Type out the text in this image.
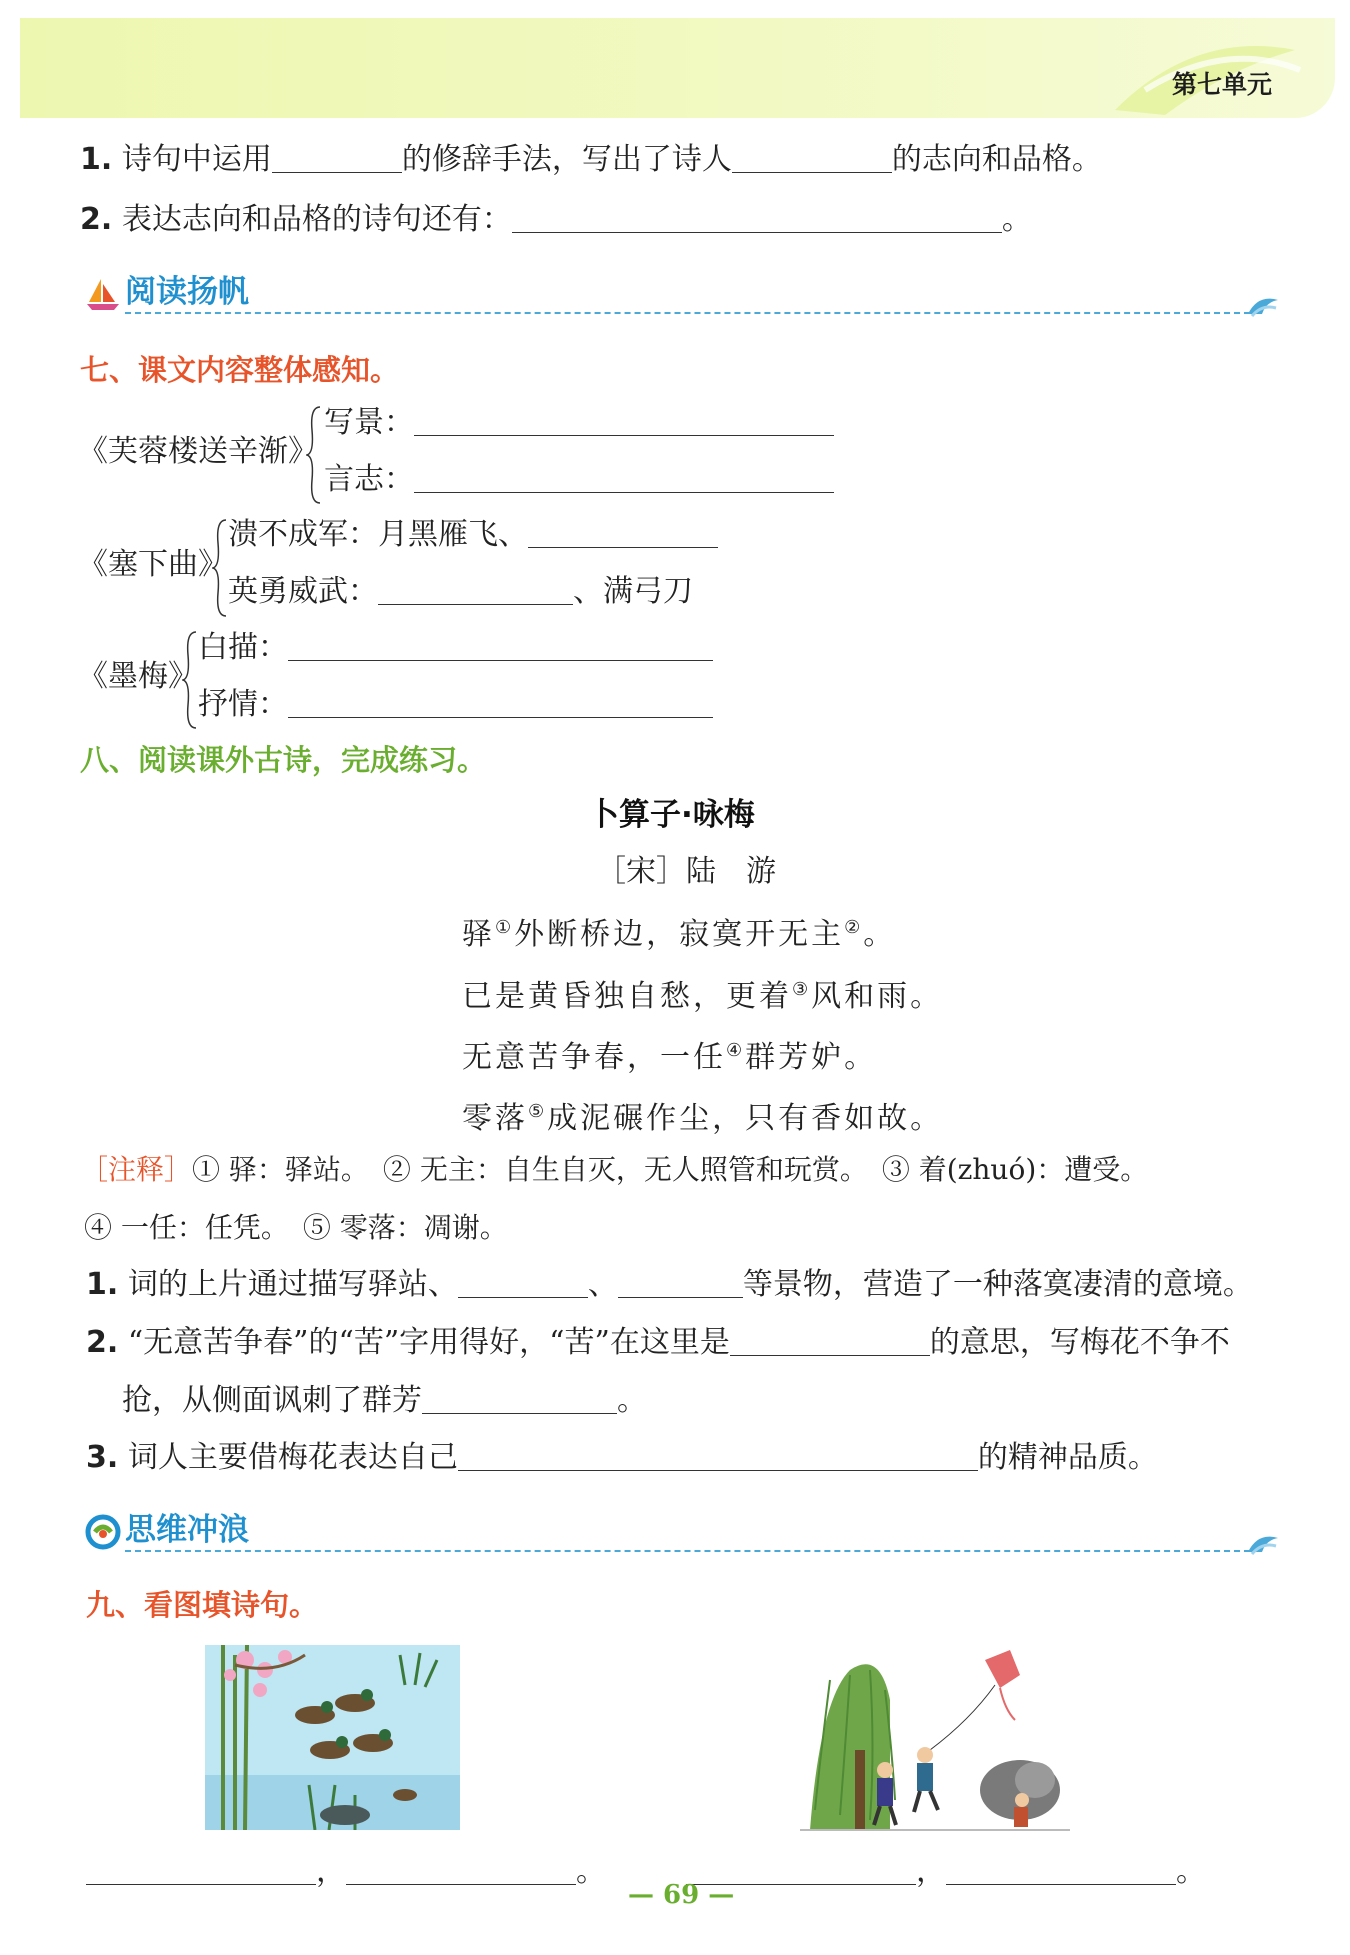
第七单元
1. 诗句中运用	的修辞手法，写出了诗人	的志向和品格。
2. 表达志向和品格的诗句还有：	。
阅读扬帆
七、课文内容整体感知。
《芙蓉楼送辛渐》
写景：
言志：
《塞下曲》
溃不成军：月黑雁飞、
英勇威武：	、满弓刀
《墨梅》
白描：
抒情：
八、阅读课外古诗，完成练习。
卜算子·咏梅
［宋］陆　游
驿①外断桥边，寂寞开无主②。
已是黄昏独自愁，更着③风和雨。
无意苦争春，一任④群芳妒。
零落⑤成泥碾作尘，只有香如故。
［注释］① 驿：驿站。　② 无主：自生自灭，无人照管和玩赏。　③ 着(zhuó)：遭受。
④ 一任：任凭。　⑤ 零落：凋谢。
1. 词的上片通过描写驿站、	、	等景物，营造了一种落寞凄清的意境。
2. “无意苦争春”的“苦”字用得好，“苦”在这里是	的意思，写梅花不争不
抢，从侧面讽刺了群芳	。
3. 词人主要借梅花表达自己	的精神品质。
思维冲浪
九、看图填诗句。
，	。	，	。
— 69 —
